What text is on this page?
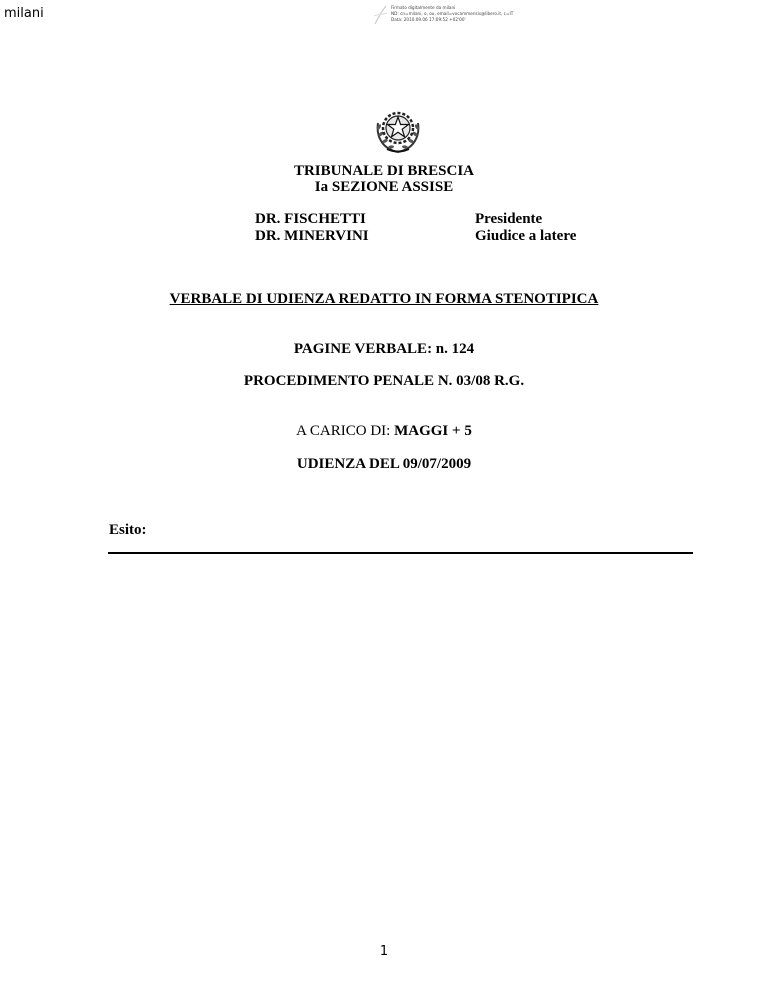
milani	Firmato digitalmente da milani
ND: cn=milani, o, ou, email=vocammensis@libero.it, c=IT
Data: 2010.09.06 17:09:52 +02'00'
TRIBUNALE DI BRESCIA
Ia SEZIONE ASSISE
DR. FISCHETTI	Presidente
DR. MINERVINI	Giudice a latere
VERBALE DI UDIENZA REDATTO IN FORMA STENOTIPICA
PAGINE VERBALE: n. 124
PROCEDIMENTO PENALE N. 03/08 R.G.
A CARICO DI: MAGGI + 5
UDIENZA DEL 09/07/2009
Esito:
1
